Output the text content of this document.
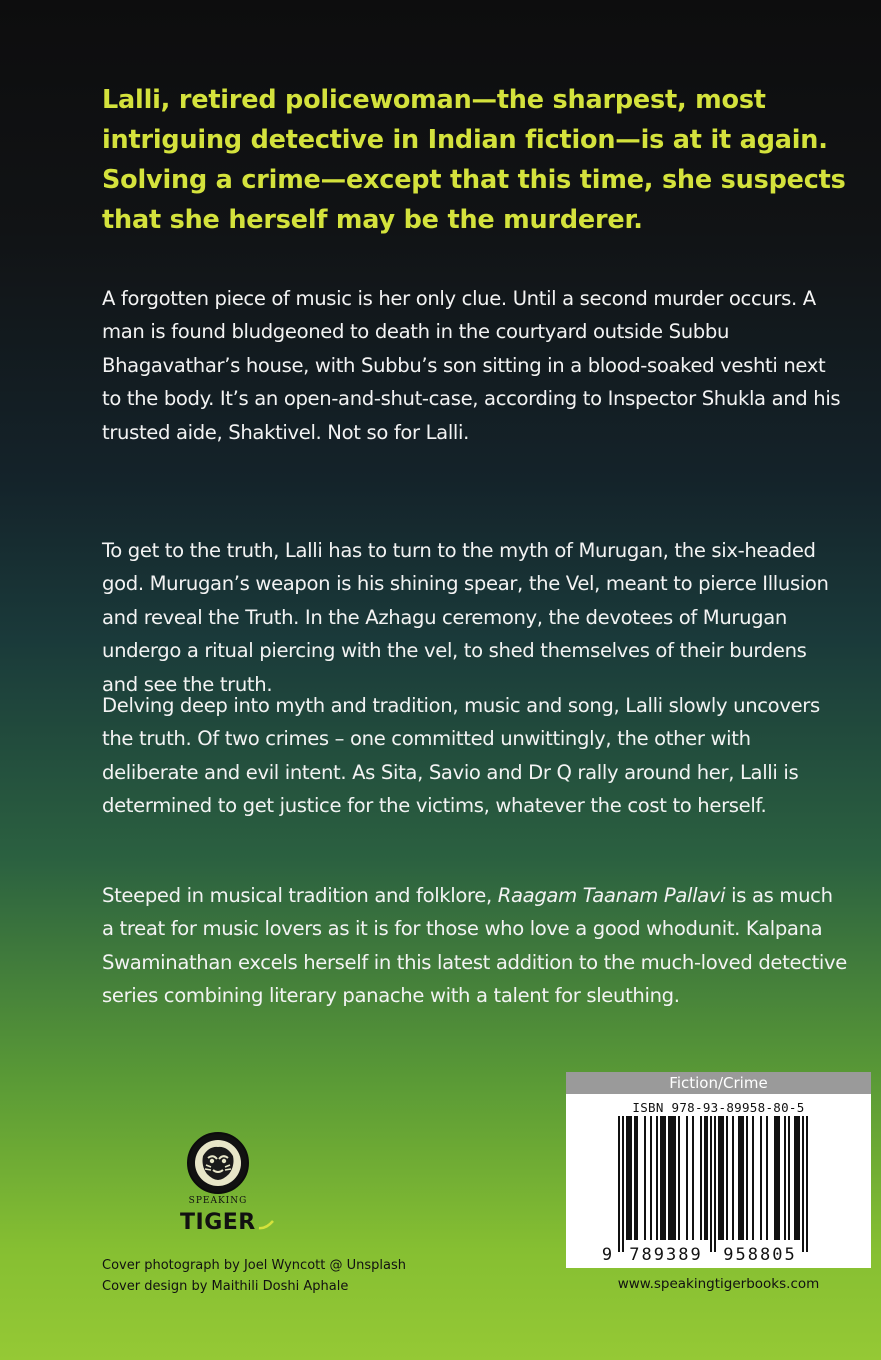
Lalli, retired policewoman—the sharpest, most intriguing detective in Indian fiction—is at it again. Solving a crime—except that this time, she suspects that she herself may be the murderer.

A forgotten piece of music is her only clue. Until a second murder occurs. A man is found bludgeoned to death in the courtyard outside Subbu Bhagavathar’s house, with Subbu’s son sitting in a blood-soaked veshti next to the body. It’s an open-and-shut-case, according to Inspector Shukla and his trusted aide, Shaktivel. Not so for Lalli.

To get to the truth, Lalli has to turn to the myth of Murugan, the six-headed god. Murugan’s weapon is his shining spear, the Vel, meant to pierce Illusion and reveal the Truth. In the Azhagu ceremony, the devotees of Murugan undergo a ritual piercing with the vel, to shed themselves of their burdens and see the truth.

Delving deep into myth and tradition, music and song, Lalli slowly uncovers the truth. Of two crimes – one committed unwittingly, the other with deliberate and evil intent. As Sita, Savio and Dr Q rally around her, Lalli is determined to get justice for the victims, whatever the cost to herself.

Steeped in musical tradition and folklore, Raagam Taanam Pallavi is as much a treat for music lovers as it is for those who love a good whodunit. Kalpana Swaminathan excels herself in this latest addition to the much-loved detective series combining literary panache with a talent for sleuthing.

SPEAKING
TIGER
Cover photograph by Joel Wyncott @ Unsplash
Cover design by Maithili Doshi Aphale
Fiction/Crime
9 789389 958805
ISBN 978-93-89958-80-5
www.speakingtigerbooks.com
